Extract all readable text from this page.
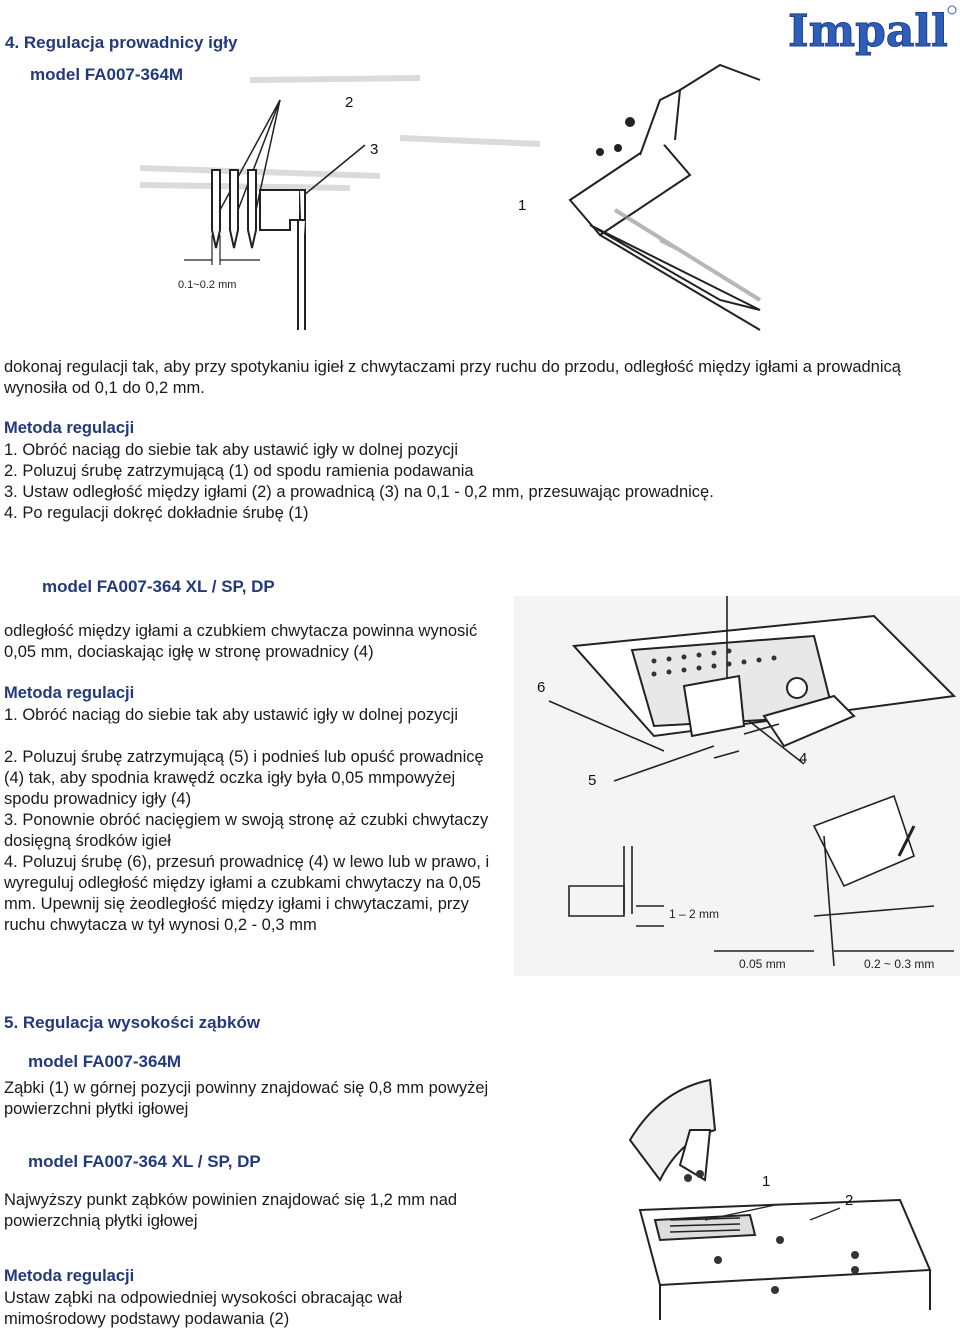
Impall
4. Regulacja prowadnicy igły
model FA007-364M
0.1~0.2 mm
2
3
1
dokonaj regulacji tak, aby przy spotykaniu igieł z chwytaczami przy ruchu do przodu, odległość między igłami a prowadnicą wynosiła od 0,1 do 0,2 mm.
Metoda regulacji
1. Obróć naciąg do siebie tak aby ustawić igły w dolnej pozycji
2. Poluzuj śrubę zatrzymującą (1) od spodu ramienia podawania
3. Ustaw odległość między igłami (2) a prowadnicą (3) na 0,1 - 0,2 mm, przesuwając prowadnicę.
4. Po regulacji dokręć dokładnie śrubę (1)
model FA007-364 XL / SP, DP
odległość między igłami a czubkiem chwytacza powinna wynosić 0,05 mm, dociaskając igłę w stronę prowadnicy (4)
Metoda regulacji
1. Obróć naciąg do siebie tak aby ustawić igły w dolnej pozycji
2. Poluzuj śrubę zatrzymującą (5) i podnieś lub opuść prowadnicę (4) tak, aby spodnia krawędź oczka igły była 0,05 mmpowyżej spodu prowadnicy igły (4)
3. Ponownie obróć nacięgiem w swoją stronę aż czubki chwytaczy dosięgną środków igieł
4. Poluzuj śrubę (6), przesuń prowadnicę (4) w lewo lub w prawo, i wyreguluj odległość między igłami a czubkami chwytaczy na 0,05 mm. Upewnij się żeodległość między igłami i chwytaczami, przy ruchu chwytacza w tył wynosi 0,2 - 0,3 mm
1 – 2 mm
0.05 mm	0.2 ~ 0.3 mm
6
5
4
5. Regulacja wysokości ząbków
model FA007-364M
Ząbki (1) w górnej pozycji powinny znajdować się 0,8 mm powyżej powierzchni płytki igłowej
model FA007-364 XL / SP, DP
Najwyższy punkt ząbków powinien znajdować się 1,2 mm nad powierzchnią płytki igłowej
Metoda regulacji
Ustaw ząbki na odpowiedniej wysokości obracając wał mimośrodowy podstawy podawania (2)
1
2
